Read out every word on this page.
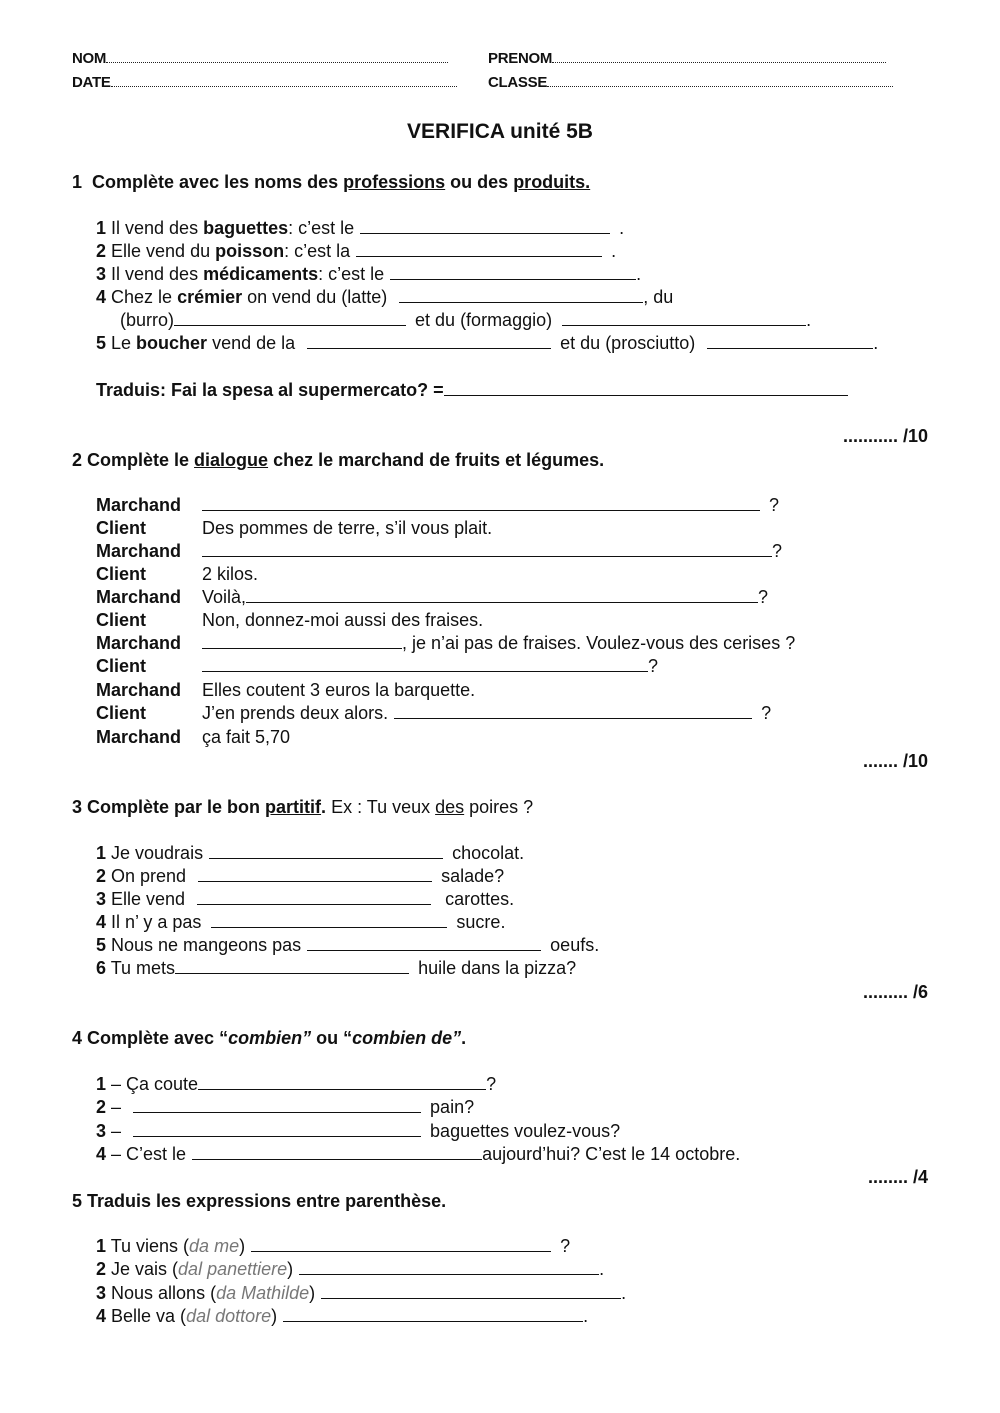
NOM	PRENOM
DATE	CLASSE
VERIFICA unité 5B
1 Complète avec les noms des professions ou des produits.
1 Il vend des baguettes: c’est le	.
2 Elle vend du poisson: c’est la	.
3 Il vend des médicaments: c’est le	.
4 Chez le crémier on vend du (latte)	, du
(burro)	et du (formaggio)	.
5 Le boucher vend de la	et du (prosciutto)	.
Traduis: Fai la spesa al supermercato? =
........... /10
2 Complète le dialogue chez le marchand de fruits et légumes.
Marchand	?
Client	Des pommes de terre, s’il vous plait.
Marchand	?
Client	2 kilos.
Marchand Voilà,	?
Client	Non, donnez-moi aussi des fraises.
Marchand	, je n’ai pas de fraises. Voulez-vous des cerises ?
Client	?
Marchand Elles coutent 3 euros la barquette.
Client	J’en prends deux alors.	?
Marchand ça fait 5,70
....... /10
3 Complète par le bon partitif. Ex : Tu veux des poires ?
1 Je voudrais	chocolat.
2 On prend	salade?
3 Elle vend	carottes.
4 Il n’ y a pas	sucre.
5 Nous ne mangeons pas	oeufs.
6 Tu mets	huile dans la pizza?
......... /6
4 Complète avec “combien” ou “combien de”.
1 – Ça coute	?
2 –	pain?
3 –	baguettes voulez-vous?
4 – C’est le	aujourd’hui? C’est le 14 octobre.
........ /4
5 Traduis les expressions entre parenthèse.
1 Tu viens (da me)	?
2 Je vais (dal panettiere)	.
3 Nous allons (da Mathilde)	.
4 Belle va (dal dottore)	.
